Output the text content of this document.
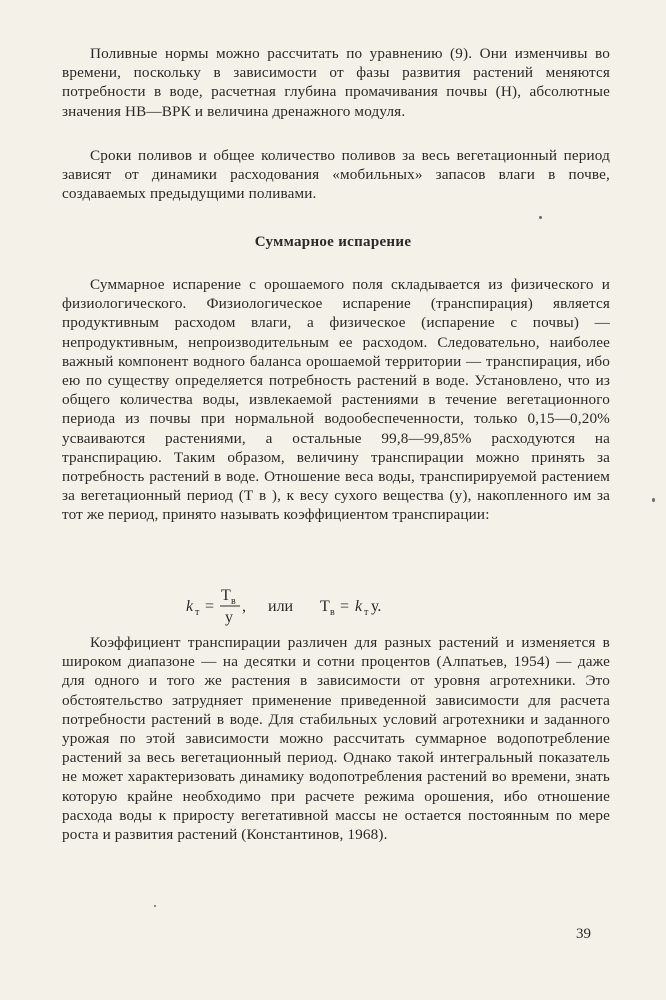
Поливные нормы можно рассчитать по уравнению (9). Они изменчивы во времени, поскольку в зависимости от фазы развития растений меняются потребности в воде, расчетная глубина промачивания почвы (H), абсолютные значения НВ—ВРК и величина дренажного модуля.

Сроки поливов и общее количество поливов за весь вегетационный период зависят от динамики расходования «мобильных» запасов влаги в почве, создаваемых предыдущими поливами.

Суммарное испарение

Суммарное испарение с орошаемого поля складывается из физического и физиологического. Физиологическое испарение (транспирация) является продуктивным расходом влаги, а физическое (испарение с почвы) — непродуктивным, непроизводительным ее расходом. Следовательно, наиболее важный компонент водного баланса орошаемой территории — транспирация, ибо ею по существу определяется потребность растений в воде. Установлено, что из общего количества воды, извлекаемой растениями в течение вегетационного периода из почвы при нормальной водообеспеченности, только 0,15—0,20% усваиваются растениями, а остальные 99,8—99,85% расходуются на транспирацию. Таким образом, величину транспирации можно принять за потребность растений в воде. Отношение веса воды, транспирируемой растением за вегетационный период (Т в ), к весу сухого вещества (у), накопленного им за тот же период, принято называть коэффициентом транспирации:

k т =
Т в
у
, или Т в = k т у.

Коэффициент транспирации различен для разных растений и изменяется в широком диапазоне — на десятки и сотни процентов (Алпатьев, 1954) — даже для одного и того же растения в зависимости от уровня агротехники. Это обстоятельство затрудняет применение приведенной зависимости для расчета потребности растений в воде. Для стабильных условий агротехники и заданного урожая по этой зависимости можно рассчитать суммарное водопотребление растений за весь вегетационный период. Однако такой интегральный показатель не может характеризовать динамику водопотребления растений во времени, знать которую крайне необходимо при расчете режима орошения, ибо отношение расхода воды к приросту вегетативной массы не остается постоянным по мере роста и развития растений (Константинов, 1968).

39
